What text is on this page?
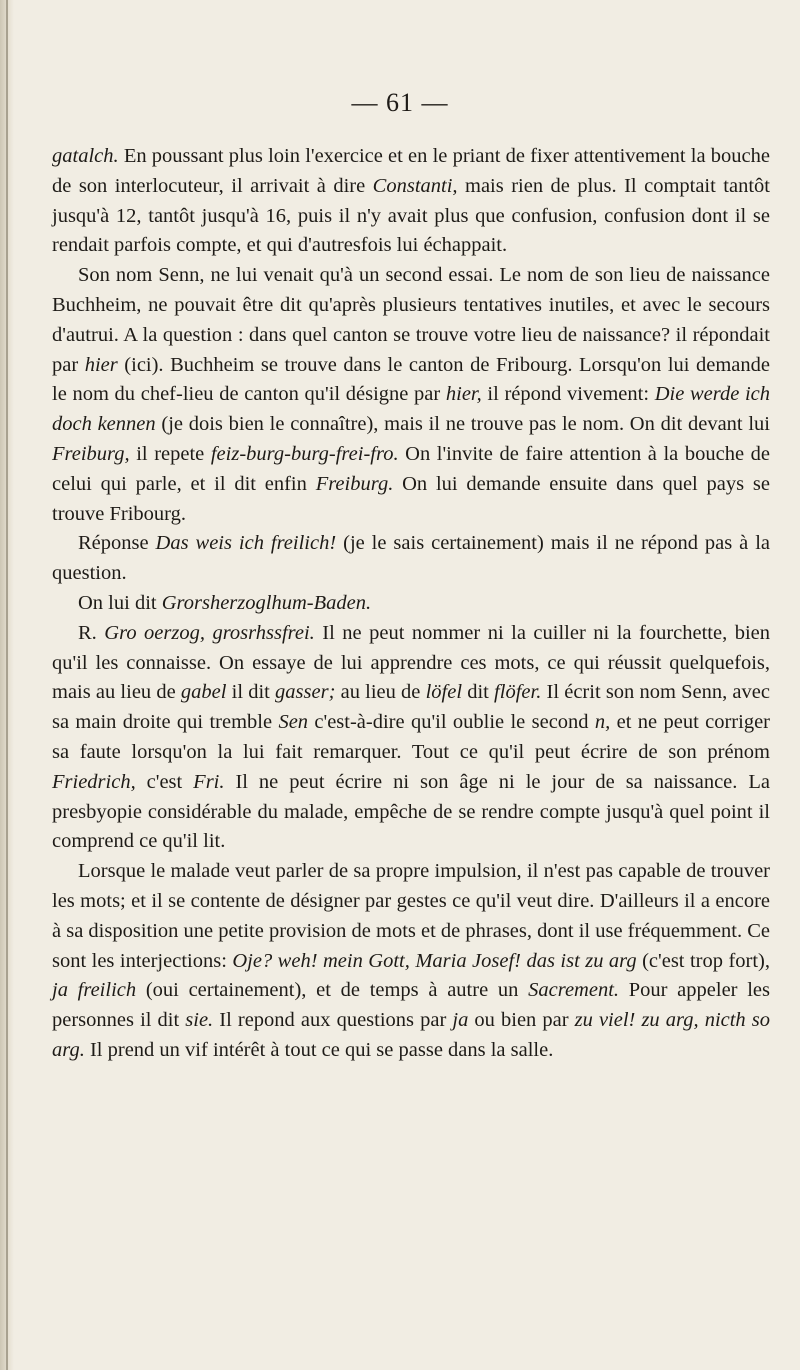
— 61 —

gatalch. En poussant plus loin l'exercice et en le priant de fixer attentivement la bouche de son interlocuteur, il arrivait à dire Constanti, mais rien de plus. Il comptait tantôt jusqu'à 12, tantôt jusqu'à 16, puis il n'y avait plus que confusion, confusion dont il se rendait parfois compte, et qui d'autresfois lui échappait.

Son nom Senn, ne lui venait qu'à un second essai. Le nom de son lieu de naissance Buchheim, ne pouvait être dit qu'après plusieurs tentatives inutiles, et avec le secours d'autrui. A la question : dans quel canton se trouve votre lieu de naissance? il répondait par hier (ici). Buchheim se trouve dans le canton de Fribourg. Lorsqu'on lui demande le nom du chef-lieu de canton qu'il désigne par hier, il répond vivement: Die werde ich doch kennen (je dois bien le connaître), mais il ne trouve pas le nom. On dit devant lui Freiburg, il repete feiz-burg-burg-frei-fro. On l'invite de faire attention à la bouche de celui qui parle, et il dit enfin Freiburg. On lui demande ensuite dans quel pays se trouve Fribourg.

Réponse Das weis ich freilich! (je le sais certainement) mais il ne répond pas à la question.

On lui dit Grorsherzoglhum-Baden.

R. Gro oerzog, grosrhssfrei. Il ne peut nommer ni la cuiller ni la fourchette, bien qu'il les connaisse. On essaye de lui apprendre ces mots, ce qui réussit quelquefois, mais au lieu de gabel il dit gasser; au lieu de löfel dit flöfer. Il écrit son nom Senn, avec sa main droite qui tremble Sen c'est-à-dire qu'il oublie le second n, et ne peut corriger sa faute lorsqu'on la lui fait remarquer. Tout ce qu'il peut écrire de son prénom Friedrich, c'est Fri. Il ne peut écrire ni son âge ni le jour de sa naissance. La presbyopie considérable du malade, empêche de se rendre compte jusqu'à quel point il comprend ce qu'il lit.

Lorsque le malade veut parler de sa propre impulsion, il n'est pas capable de trouver les mots; et il se contente de désigner par gestes ce qu'il veut dire. D'ailleurs il a encore à sa disposition une petite provision de mots et de phrases, dont il use fréquemment. Ce sont les interjections: Oje? weh! mein Gott, Maria Josef! das ist zu arg (c'est trop fort), ja freilich (oui certainement), et de temps à autre un Sacrement. Pour appeler les personnes il dit sie. Il repond aux questions par ja ou bien par zu viel! zu arg, nicth so arg. Il prend un vif intérêt à tout ce qui se passe dans la salle.
